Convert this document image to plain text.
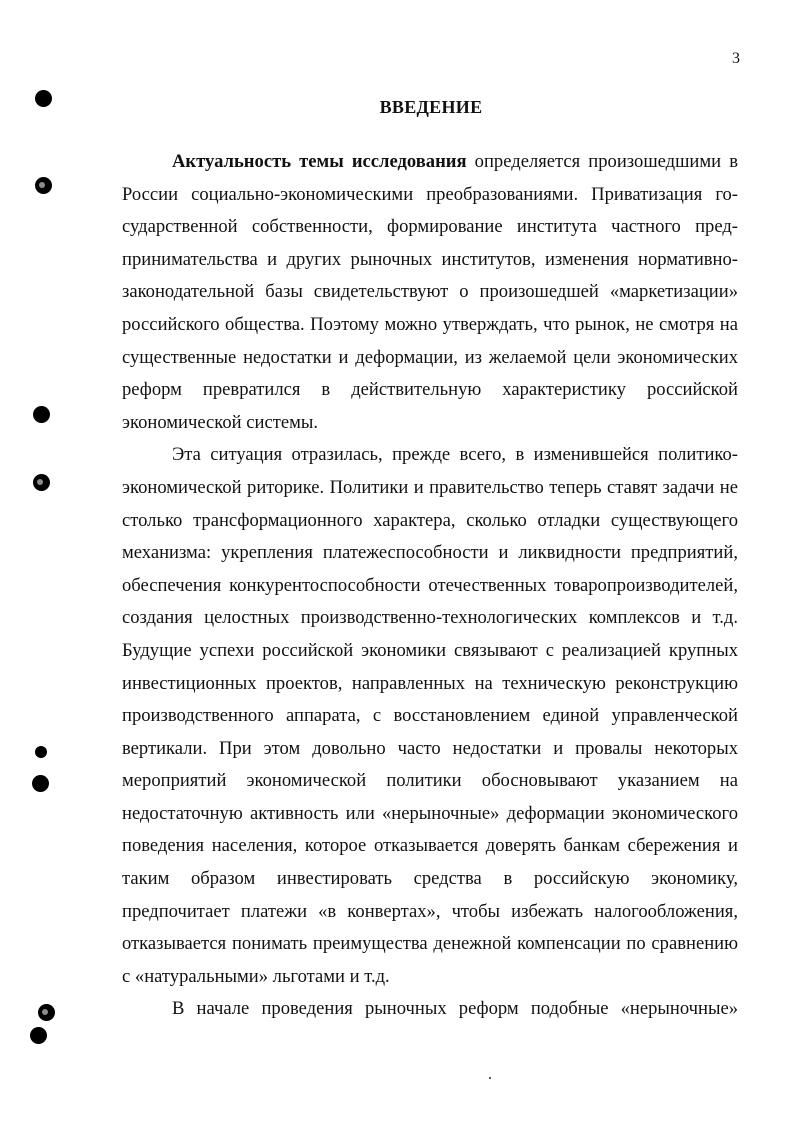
3
ВВЕДЕНИЕ

Актуальность темы исследования определяется произошедшими в России социально-экономическими преобразованиями. Приватизация государственной собственности, формирование института частного предпринимательства и других рыночных институтов, изменения нормативно-законодательной базы свидетельствуют о произошедшей «маркетизации» российского общества. Поэтому можно утверждать, что рынок, не смотря на существенные недостатки и деформации, из желаемой цели экономических реформ превратился в действительную характеристику российской экономической системы.

Эта ситуация отразилась, прежде всего, в изменившейся политико-экономической риторике. Политики и правительство теперь ставят задачи не столько трансформационного характера, сколько отладки существующего механизма: укрепления платежеспособности и ликвидности предприятий, обеспечения конкурентоспособности отечественных товаропроизводителей, создания целостных производственно-технологических комплексов и т.д. Будущие успехи российской экономики связывают с реализацией крупных инвестиционных проектов, направленных на техническую реконструкцию производственного аппарата, с восстановлением единой управленческой вертикали. При этом довольно часто недостатки и провалы некоторых мероприятий экономической политики обосновывают указанием на недостаточную активность или «нерыночные» деформации экономического поведения населения, которое отказывается доверять банкам сбережения и таким образом инвестировать средства в российскую экономику, предпочитает платежи «в конвертах», чтобы избежать налогообложения, отказывается понимать преимущества денежной компенсации по сравнению с «натуральными» льготами и т.д.

В начале проведения рыночных реформ подобные «нерыночные»
